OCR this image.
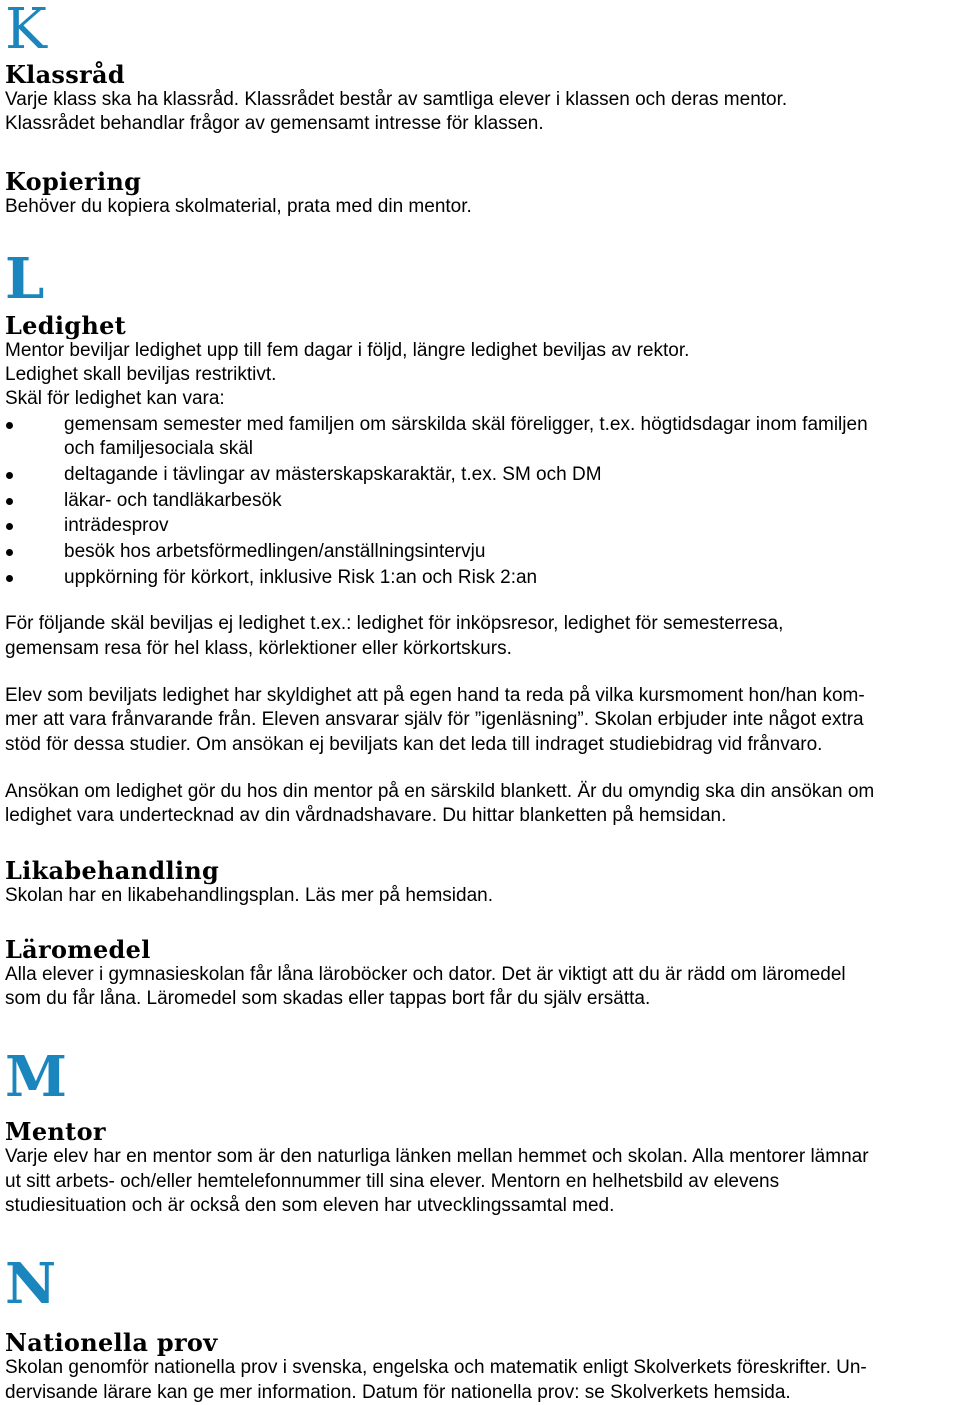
K
Klassråd

Varje klass ska ha klassråd. Klassrådet består av samtliga elever i klassen och deras mentor.
Klassrådet behandlar frågor av gemensamt intresse för klassen.

Kopiering

Behöver du kopiera skolmaterial, prata med din mentor.

L
Ledighet

Mentor beviljar ledighet upp till fem dagar i följd, längre ledighet beviljas av rektor.
Ledighet skall beviljas restriktivt.
Skäl för ledighet kan vara:

gemensam semester med familjen om särskilda skäl föreligger, t.ex. högtidsdagar inom familjen
och familjesociala skäl
deltagande i tävlingar av mästerskapskaraktär, t.ex. SM och DM
läkar- och tandläkarbesök
inträdesprov
besök hos arbetsförmedlingen/anställningsintervju
uppkörning för körkort, inklusive Risk 1:an och Risk 2:an

För följande skäl beviljas ej ledighet t.ex.: ledighet för inköpsresor, ledighet för semesterresa,
gemensam resa för hel klass, körlektioner eller körkortskurs.

Elev som beviljats ledighet har skyldighet att på egen hand ta reda på vilka kursmoment hon/han kom-
mer att vara frånvarande från. Eleven ansvarar själv för ”igenläsning”. Skolan erbjuder inte något extra
stöd för dessa studier. Om ansökan ej beviljats kan det leda till indraget studiebidrag vid frånvaro.

Ansökan om ledighet gör du hos din mentor på en särskild blankett. Är du omyndig ska din ansökan om
ledighet vara undertecknad av din vårdnadshavare. Du hittar blanketten på hemsidan.

Likabehandling

Skolan har en likabehandlingsplan. Läs mer på hemsidan.

Läromedel

Alla elever i gymnasieskolan får låna läroböcker och dator. Det är viktigt att du är rädd om läromedel
som du får låna. Läromedel som skadas eller tappas bort får du själv ersätta.

M
Mentor

Varje elev har en mentor som är den naturliga länken mellan hemmet och skolan. Alla mentorer lämnar
ut sitt arbets- och/eller hemtelefonnummer till sina elever. Mentorn en helhetsbild av elevens
studiesituation och är också den som eleven har utvecklingssamtal med.

N
Nationella prov

Skolan genomför nationella prov i svenska, engelska och matematik enligt Skolverkets föreskrifter. Un-
dervisande lärare kan ge mer information. Datum för nationella prov: se Skolverkets hemsida.
